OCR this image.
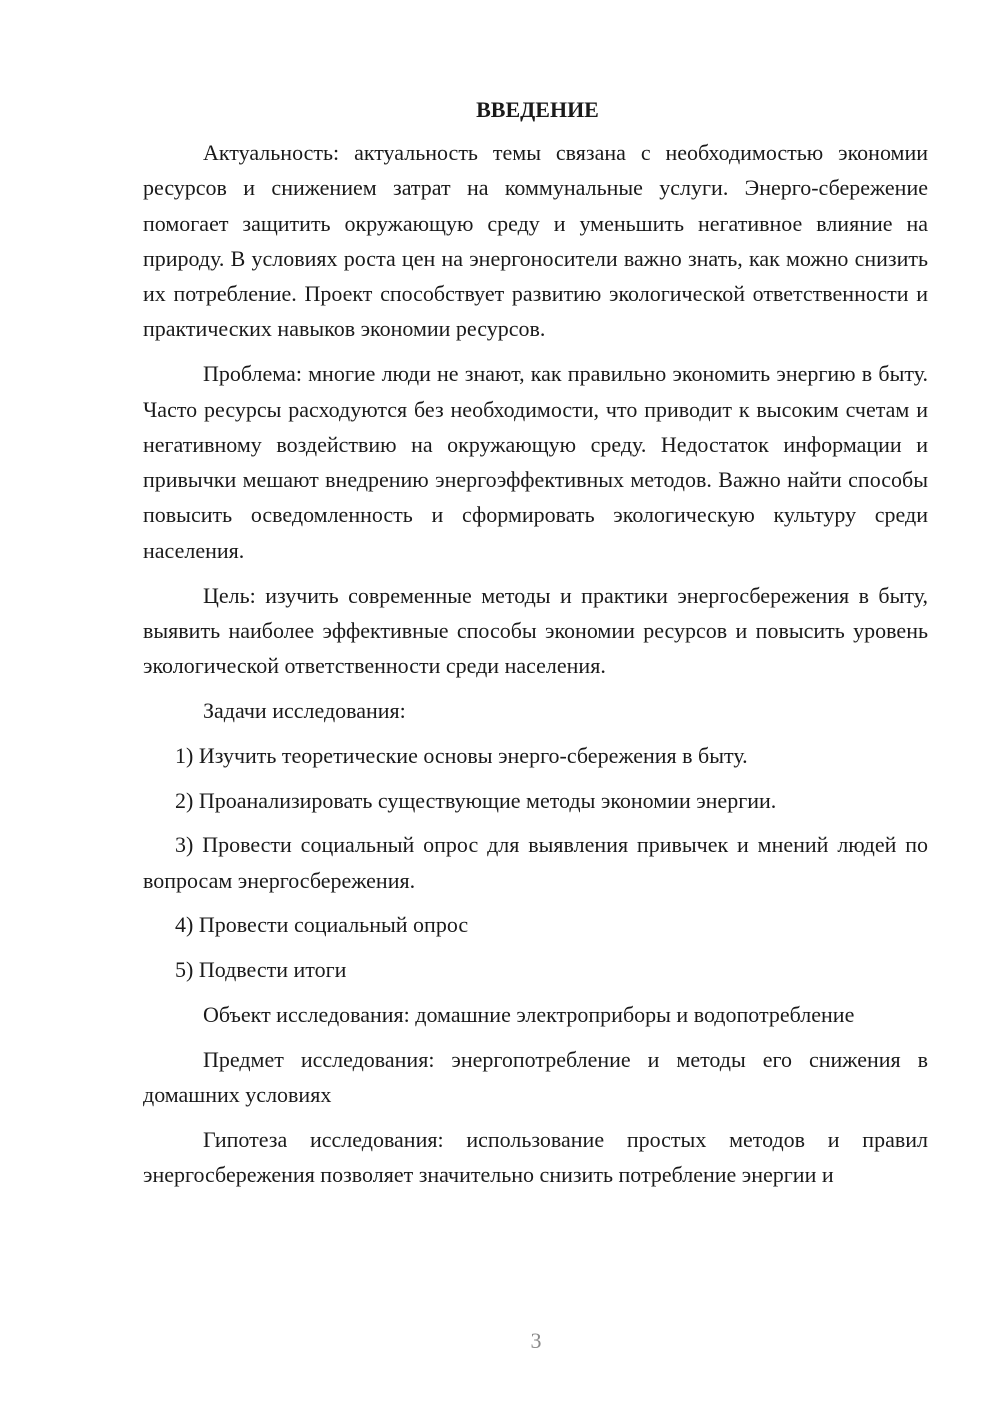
ВВЕДЕНИЕ

Актуальность: актуальность темы связана с необходимостью экономии ресурсов и снижением затрат на коммунальные услуги. Энерго-сбережение помогает защитить окружающую среду и уменьшить негативное влияние на природу. В условиях роста цен на энергоносители важно знать, как можно снизить их потребление. Проект способствует развитию экологической ответственности и практических навыков экономии ресурсов.

Проблема: многие люди не знают, как правильно экономить энергию в быту. Часто ресурсы расходуются без необходимости, что приводит к высоким счетам и негативному воздействию на окружающую среду. Недостаток информации и привычки мешают внедрению энергоэффективных методов. Важно найти способы повысить осведомленность и сформировать экологическую культуру среди населения.

Цель: изучить современные методы и практики энергосбережения в быту, выявить наиболее эффективные способы экономии ресурсов и повысить уровень экологической ответственности среди населения.

Задачи исследования:

1) Изучить теоретические основы энерго-сбережения в быту.

2) Проанализировать существующие методы экономии энергии.

3) Провести социальный опрос для выявления привычек и мнений людей по вопросам энергосбережения.

4) Провести социальный опрос

5) Подвести итоги

Объект исследования: домашние электроприборы и водопотребление

Предмет исследования: энергопотребление и методы его снижения в домашних условиях

Гипотеза исследования: использование простых методов и правил энергосбережения позволяет значительно снизить потребление энергии и

3
